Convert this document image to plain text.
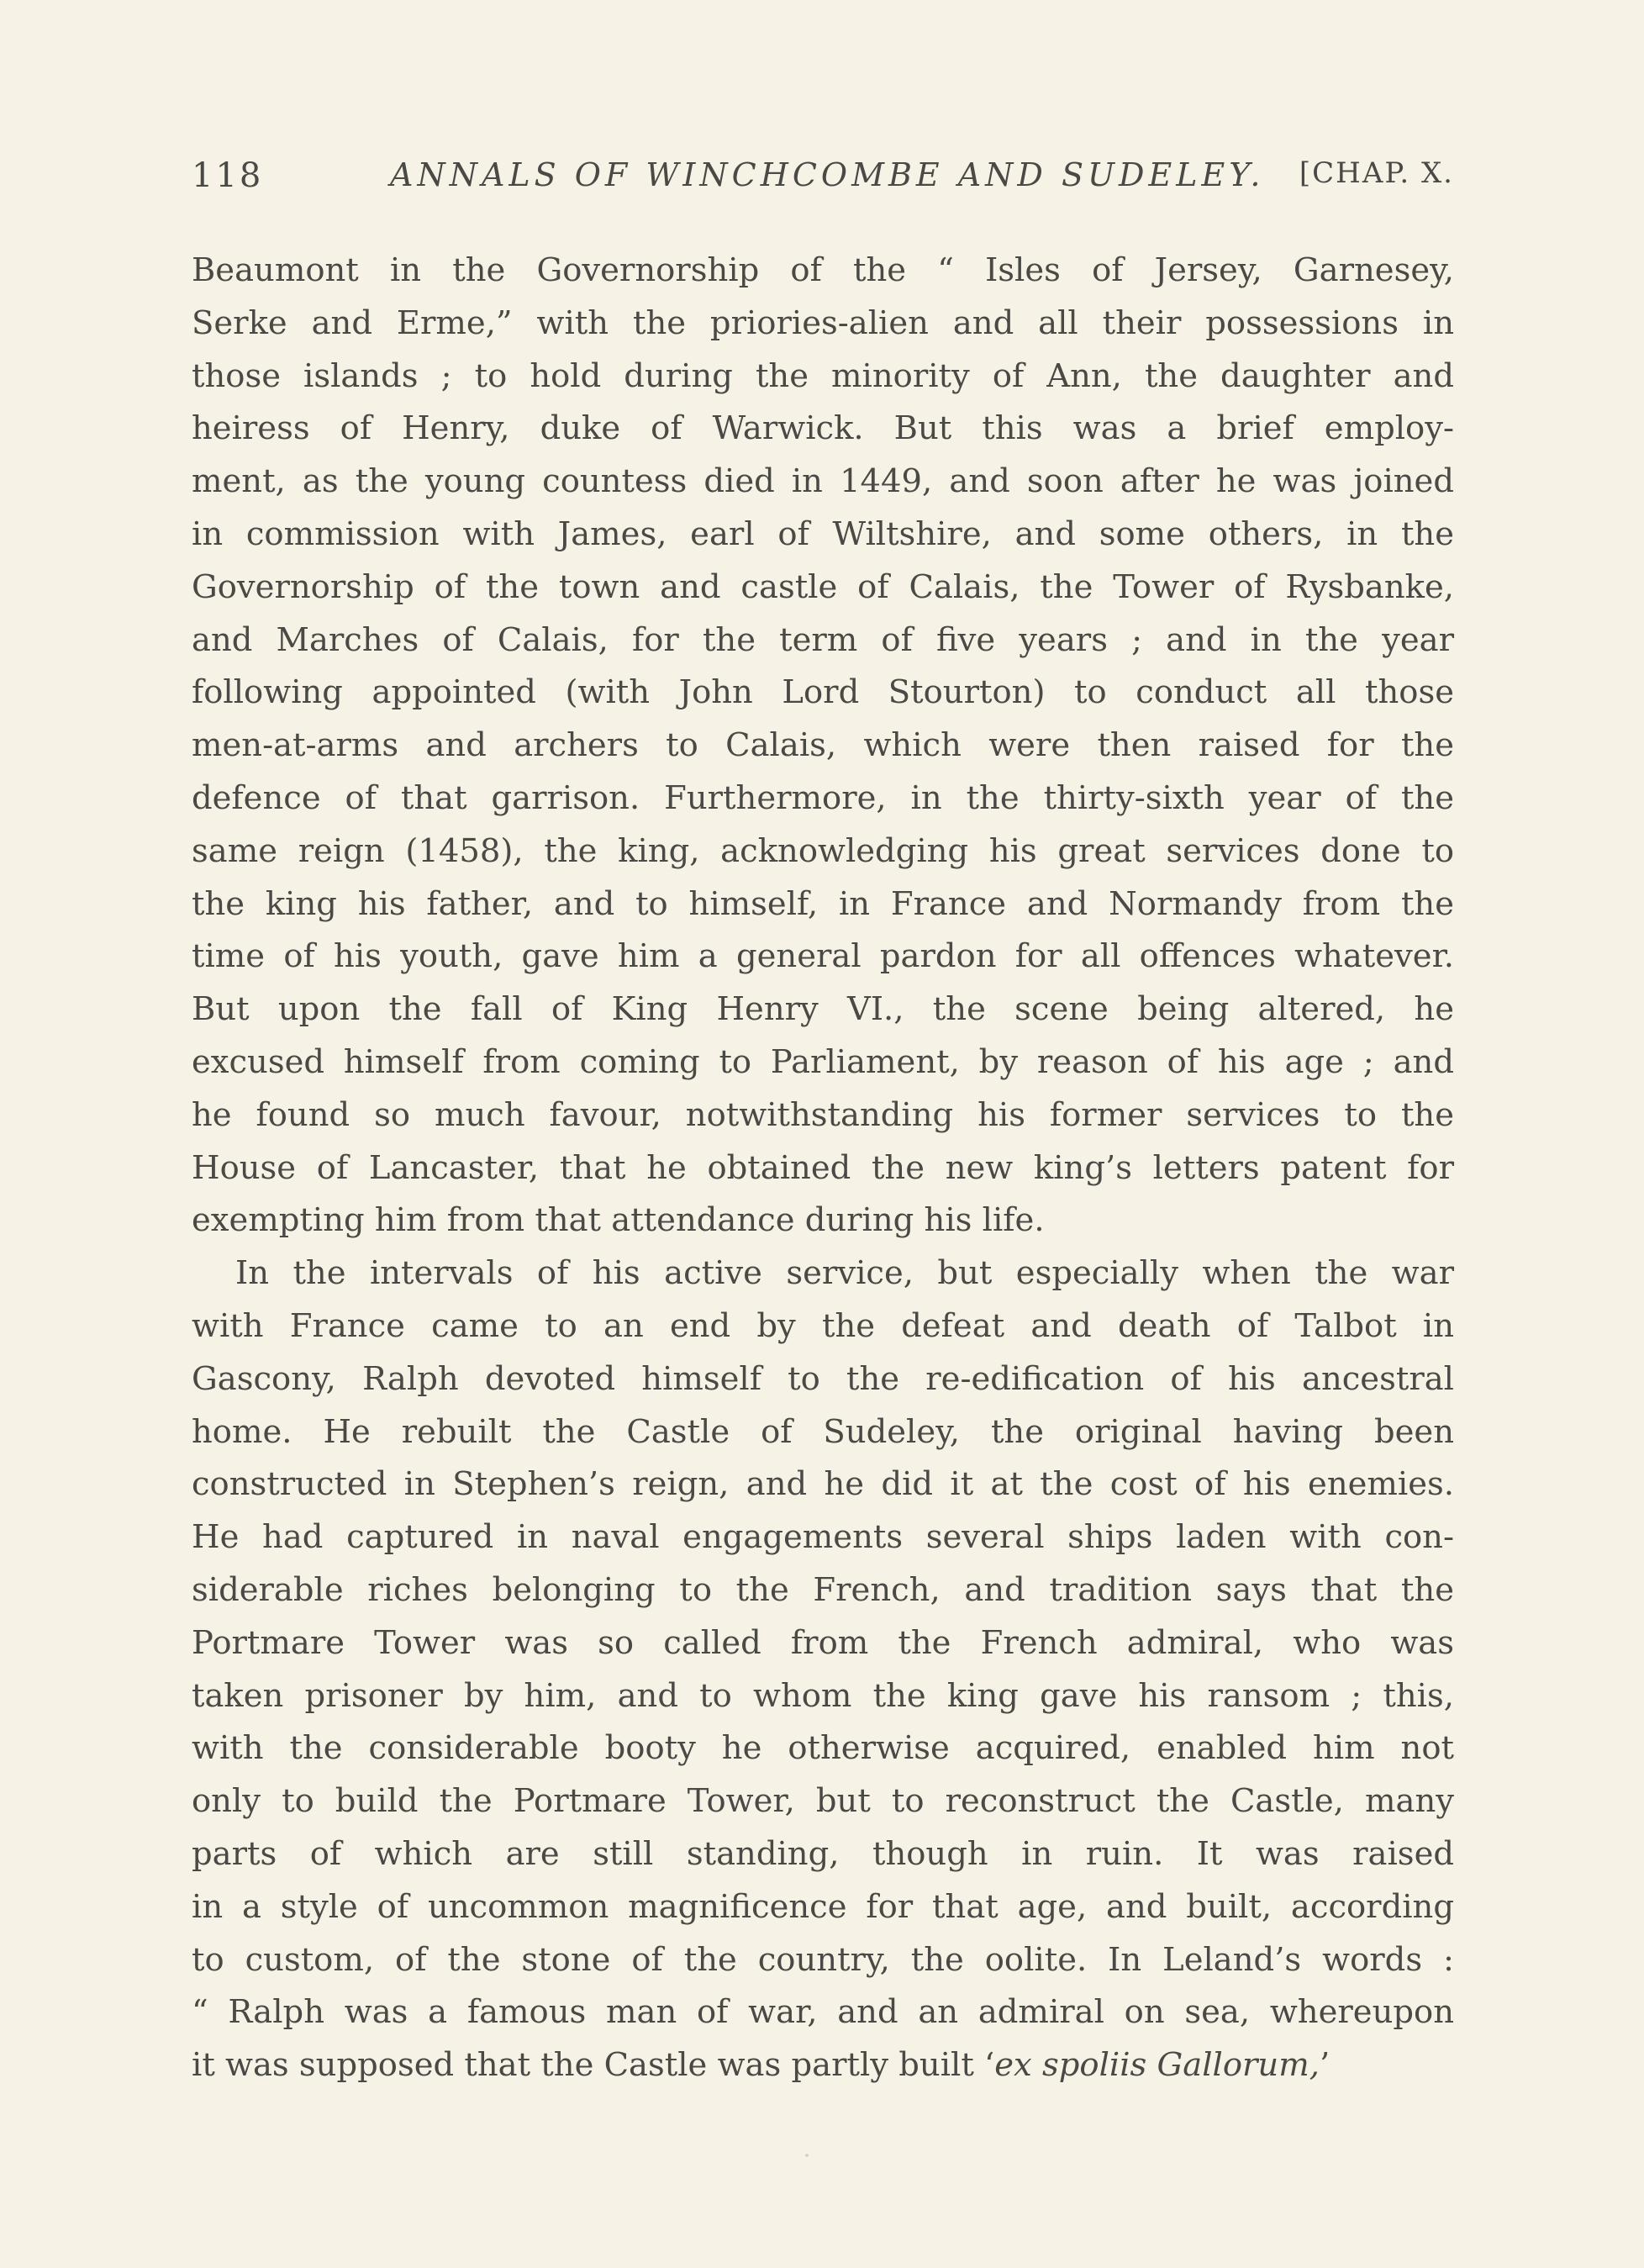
118	ANNALS OF WINCHCOMBE AND SUDELEY. [CHAP. X.
Beaumont in the Governorship of the “ Isles of Jersey, Garnesey,
Serke and Erme,” with the priories-alien and all their possessions in
those islands ; to hold during the minority of Ann, the daughter and
heiress of Henry, duke of Warwick. But this was a brief employ-
ment, as the young countess died in 1449, and soon after he was joined
in commission with James, earl of Wiltshire, and some others, in the
Governorship of the town and castle of Calais, the Tower of Rysbanke,
and Marches of Calais, for the term of five years ; and in the year
following appointed (with John Lord Stourton) to conduct all those
men-at-arms and archers to Calais, which were then raised for the
defence of that garrison. Furthermore, in the thirty-sixth year of the
same reign (1458), the king, acknowledging his great services done to
the king his father, and to himself, in France and Normandy from the
time of his youth, gave him a general pardon for all offences whatever.
But upon the fall of King Henry VI., the scene being altered, he
excused himself from coming to Parliament, by reason of his age ; and
he found so much favour, notwithstanding his former services to the
House of Lancaster, that he obtained the new king’s letters patent for
exempting him from that attendance during his life.
In the intervals of his active service, but especially when the war
with France came to an end by the defeat and death of Talbot in
Gascony, Ralph devoted himself to the re-edification of his ancestral
home. He rebuilt the Castle of Sudeley, the original having been
constructed in Stephen’s reign, and he did it at the cost of his enemies.
He had captured in naval engagements several ships laden with con-
siderable riches belonging to the French, and tradition says that the
Portmare Tower was so called from the French admiral, who was
taken prisoner by him, and to whom the king gave his ransom ; this,
with the considerable booty he otherwise acquired, enabled him not
only to build the Portmare Tower, but to reconstruct the Castle, many
parts of which are still standing, though in ruin. It was raised
in a style of uncommon magnificence for that age, and built, according
to custom, of the stone of the country, the oolite. In Leland’s words :
“ Ralph was a famous man of war, and an admiral on sea, whereupon
it was supposed that the Castle was partly built ‘ex spoliis Gallorum,’
